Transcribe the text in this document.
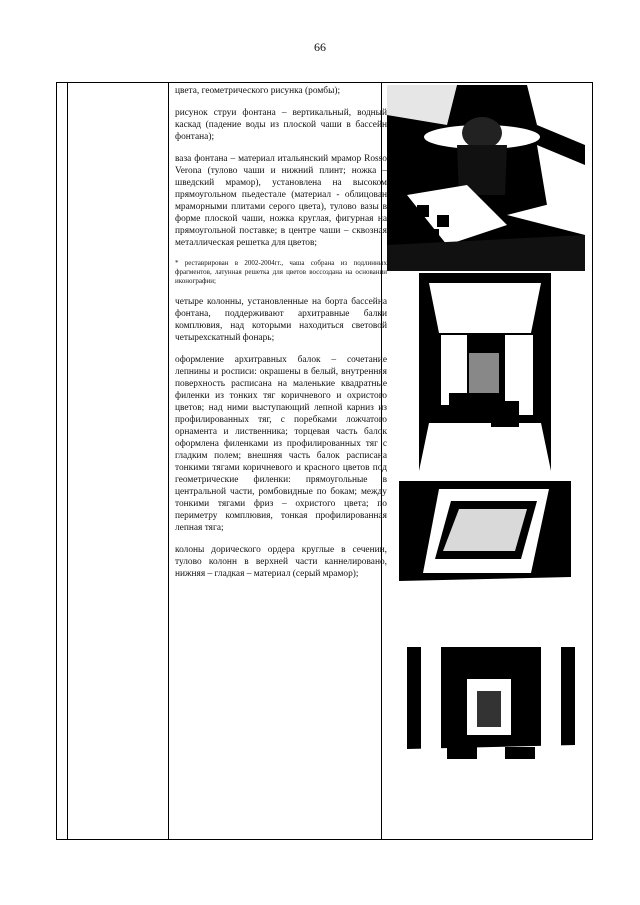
66

цвета, геометрического рисунка (ромбы);

рисунок струи фонтана – вертикальный, водный каскад (падение воды из плоской чаши в бассейн фонтана);

ваза фонтана – материал итальянский мрамор Rosso Verona (тулово чаши и нижний плинт; ножка – шведский мрамор), установлена на высоком прямоугольном пьедестале (материал - облицован мраморными плитами серого цвета), тулово вазы в форме плоской чаши, ножка круглая, фигурная на прямоугольной поставке; в центре чаши – сквозная металлическая решетка для цветов;

* реставрирован в 2002-2004гг., чаша собрана из подлинных фрагментов, латунная решетка для цветов воссоздана на основании иконографии;

четыре колонны, установленные на борта бассейна фонтана, поддерживают архитравные балки комплювия, над которыми находиться световой четырехскатный фонарь;

оформление архитравных балок – сочетание лепнины и росписи: окрашены в белый, внутренняя поверхность расписана на маленькие квадратные филенки из тонких тяг коричневого и охристого цветов; над ними выступающий лепной карниз из профилированных тяг, с поребками ложчатого орнамента и лиственника; торцевая часть балок оформлена филенками из профилированных тяг с гладким полем; внешняя часть балок расписана тонкими тягами коричневого и красного цветов под геометрические филенки: прямоугольные в центральной части, ромбовидные по бокам; между тонкими тягами фриз – охристого цвета; по периметру комплювия, тонкая профилированная лепная тяга;

колоны дорического ордера круглые в сечении, тулово колонн в верхней части каннелировано, нижняя – гладкая – материал (серый мрамор);
